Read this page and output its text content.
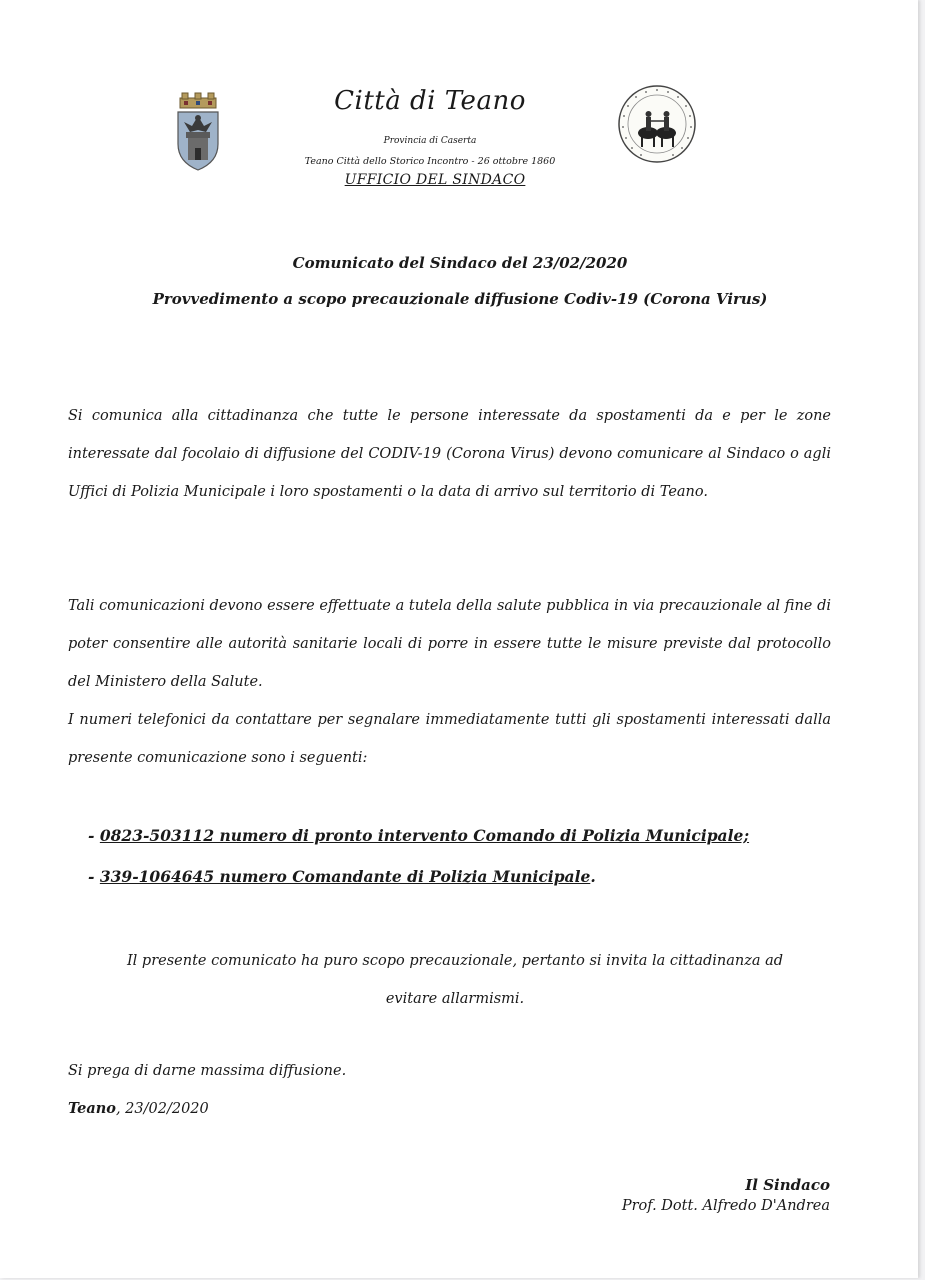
Città di Teano
Provincia di Caserta
Teano Città dello Storico Incontro - 26 ottobre 1860
UFFICIO DEL SINDACO
Comunicato del Sindaco del 23/02/2020
Provvedimento a scopo precauzionale diffusione Codiv-19 (Corona Virus)
Si comunica alla cittadinanza che tutte le persone interessate da spostamenti da e per le zone interessate dal focolaio di diffusione del CODIV-19 (Corona Virus) devono comunicare al Sindaco o agli Uffici di Polizia Municipale i loro spostamenti o la data di arrivo sul territorio di Teano.
Tali comunicazioni devono essere effettuate a tutela della salute pubblica in via precauzionale al fine di poter consentire alle autorità sanitarie locali di porre in essere tutte le misure previste dal protocollo del Ministero della Salute.
I numeri telefonici da contattare per segnalare immediatamente tutti gli spostamenti interessati dalla presente comunicazione sono i seguenti:
- 0823-503112 numero di pronto intervento Comando di Polizia Municipale;
- 339-1064645 numero Comandante di Polizia Municipale.
Il presente comunicato ha puro scopo precauzionale, pertanto si invita la cittadinanza ad
evitare allarmismi.
Si prega di darne massima diffusione.
Teano, 23/02/2020
Il Sindaco
Prof. Dott. Alfredo D'Andrea
